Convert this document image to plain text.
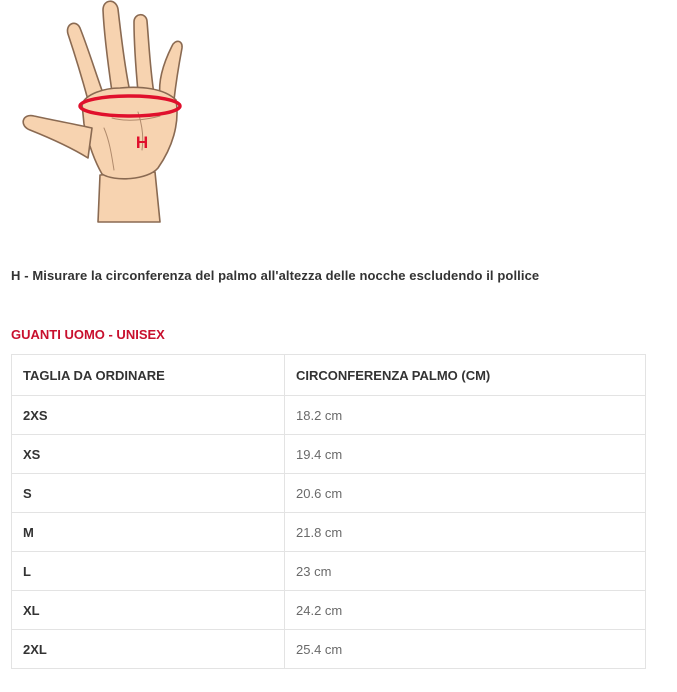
H
H - Misurare la circonferenza del palmo all'altezza delle nocche escludendo il pollice
GUANTI UOMO - UNISEX
TAGLIA DA ORDINARE	CIRCONFERENZA PALMO (CM)
2XS	18.2 cm
XS	19.4 cm
S	20.6 cm
M	21.8 cm
L	23 cm
XL	24.2 cm
2XL	25.4 cm
